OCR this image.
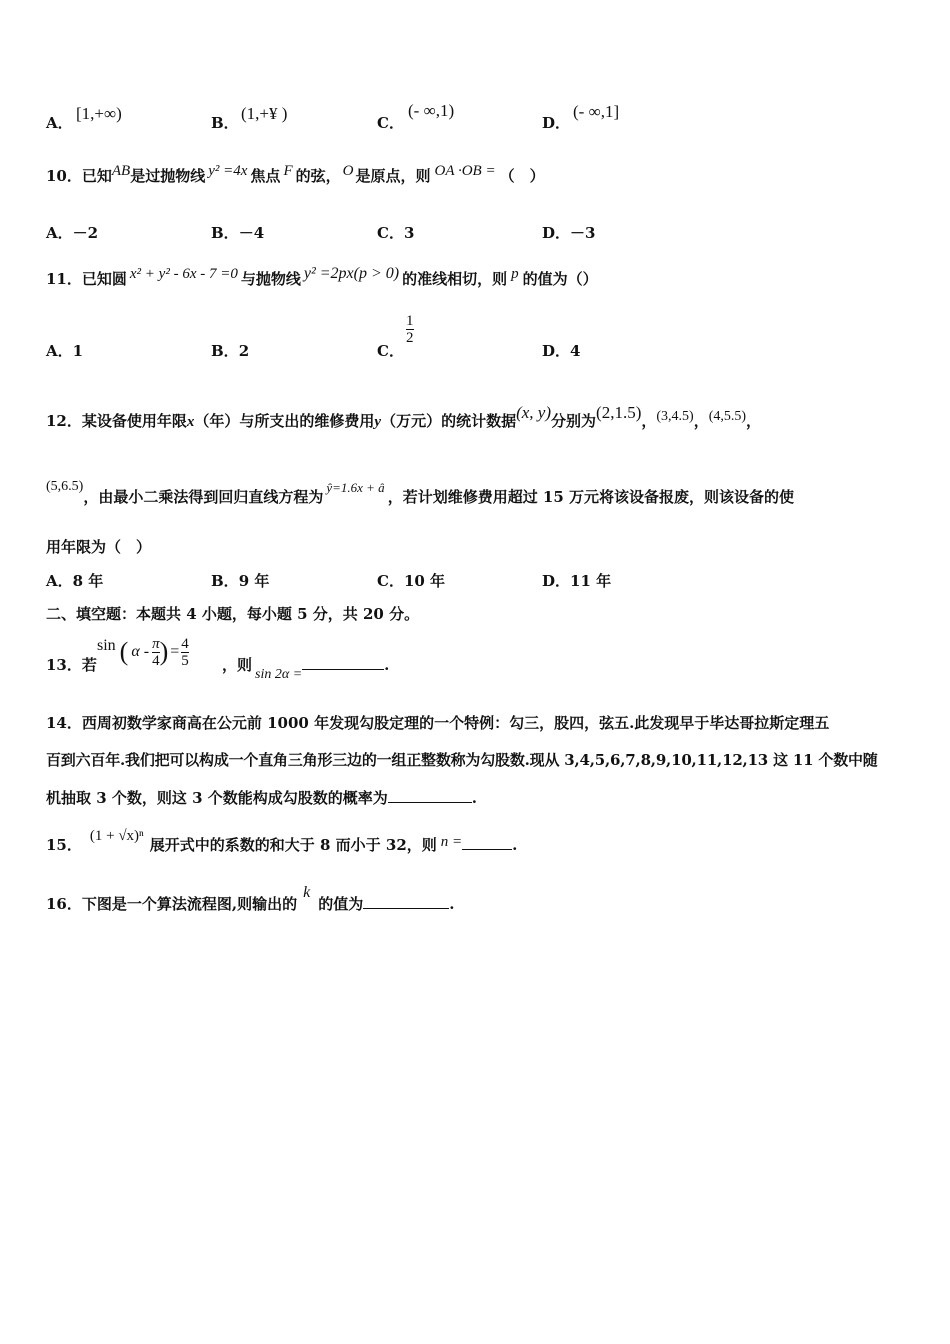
A． [1,+∞)	B． (1,+¥ )	C．
(- ∞,1)
D．
(- ∞,1]
10．已知AB是过抛物线 y² =4x 焦点 F 的弦， O 是原点，则 OA ·OB = （　）
A．－2	B．－4	C．3	D．－3
11．已知圆 x² + y² - 6x - 7 =0 与抛物线 y² =2px(p > 0) 的准线相切，则 p 的值为（）
A．1	B．2	C．
$\frac{1}{2}$
D．4
12．某设备使用年限x（年）与所支出的维修费用y（万元）的统计数据(x, y)分别为(2,1.5)，(3,4.5)，(4,5.5)，
(5,6.5)，由最小二乘法得到回归直线方程为ŷ=1.6x + â，若计划维修费用超过 15 万元将该设备报废，则该设备的使
用年限为（　）
A．8 年	B．9 年	C．10 年	D．11 年
二、填空题：本题共 4 小题，每小题 5 分，共 20 分。
13．若
sin ( α - $\frac{\pi}{4}$ ) = $\frac{4}{5}$ ，则sin 2α =.
14．西周初数学家商高在公元前 1000 年发现勾股定理的一个特例：勾三，股四，弦五.此发现早于毕达哥拉斯定理五
百到六百年.我们把可以构成一个直角三角形三边的一组正整数称为勾股数.现从 3,4,5,6,7,8,9,10,11,12,13 这 11 个数中随
机抽取 3 个数，则这 3 个数能构成勾股数的概率为	.
15． (1 + √x)ⁿ 展开式中的系数的和大于 8 而小于 32，则 n =	.
16．下图是一个算法流程图,则输出的k的值为	.
